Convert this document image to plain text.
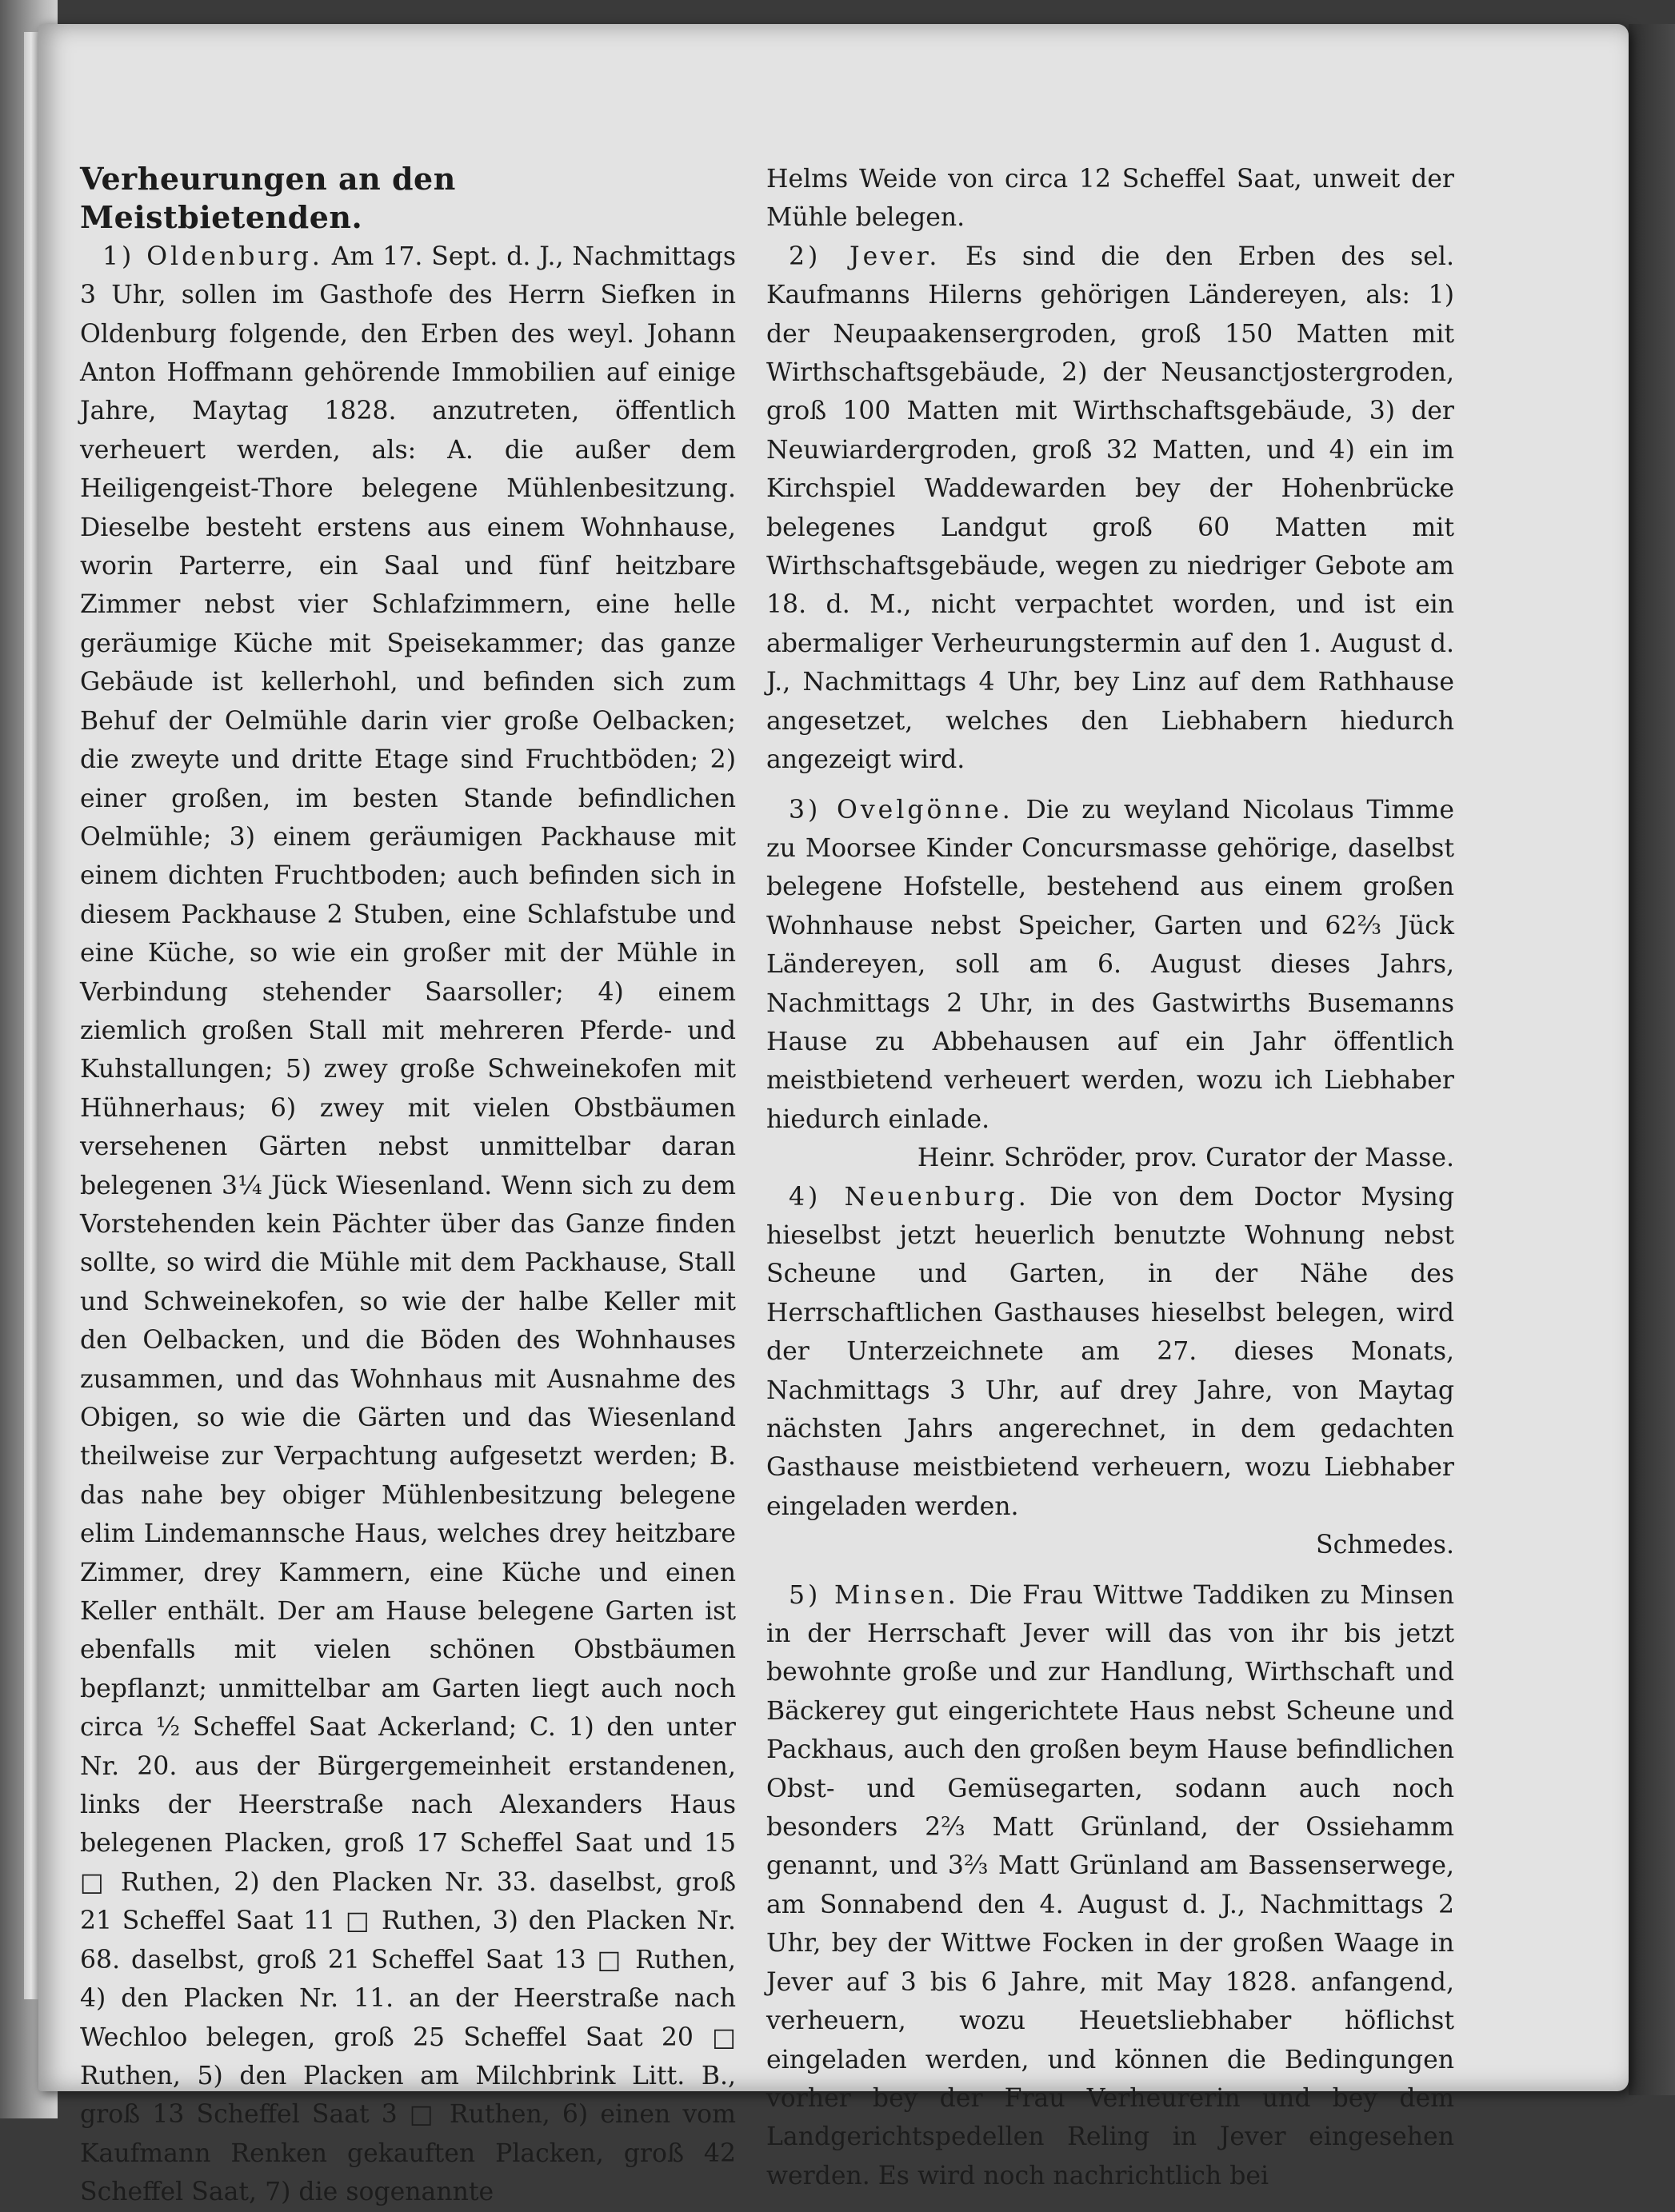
Verheurungen an den Meistbietenden.

1) Oldenburg. Am 17. Sept. d. J., Nachmittags 3 Uhr, sollen im Gasthofe des Herrn Siefken in Oldenburg folgende, den Erben des weyl. Johann Anton Hoffmann gehörende Immobilien auf einige Jahre, Maytag 1828. anzutreten, öffentlich verheuert werden, als: A. die außer dem Heiligengeist-Thore belegene Mühlenbesitzung. Dieselbe besteht erstens aus einem Wohnhause, worin Parterre, ein Saal und fünf heitzbare Zimmer nebst vier Schlafzimmern, eine helle geräumige Küche mit Speisekammer; das ganze Gebäude ist kellerhohl, und befinden sich zum Behuf der Oelmühle darin vier große Oelbacken; die zweyte und dritte Etage sind Fruchtböden; 2) einer großen, im besten Stande befindlichen Oelmühle; 3) einem geräumigen Packhause mit einem dichten Fruchtboden; auch befinden sich in diesem Packhause 2 Stuben, eine Schlafstube und eine Küche, so wie ein großer mit der Mühle in Verbindung stehender Saarsoller; 4) einem ziemlich großen Stall mit mehreren Pferde- und Kuhstallungen; 5) zwey große Schweinekofen mit Hühnerhaus; 6) zwey mit vielen Obstbäumen versehenen Gärten nebst unmittelbar daran belegenen 3¼ Jück Wiesenland. Wenn sich zu dem Vorstehenden kein Pächter über das Ganze finden sollte, so wird die Mühle mit dem Packhause, Stall und Schweinekofen, so wie der halbe Keller mit den Oelbacken, und die Böden des Wohnhauses zusammen, und das Wohnhaus mit Ausnahme des Obigen, so wie die Gärten und das Wiesenland theilweise zur Verpachtung aufgesetzt werden; B. das nahe bey obiger Mühlenbesitzung belegene elim Lindemannsche Haus, welches drey heitzbare Zimmer, drey Kammern, eine Küche und einen Keller enthält. Der am Hause belegene Garten ist ebenfalls mit vielen schönen Obstbäumen bepflanzt; unmittelbar am Garten liegt auch noch circa ½ Scheffel Saat Ackerland; C. 1) den unter Nr. 20. aus der Bürgergemeinheit erstandenen, links der Heerstraße nach Alexanders Haus belegenen Placken, groß 17 Scheffel Saat und 15 □ Ruthen, 2) den Placken Nr. 33. daselbst, groß 21 Scheffel Saat 11 □ Ruthen, 3) den Placken Nr. 68. daselbst, groß 21 Scheffel Saat 13 □ Ruthen, 4) den Placken Nr. 11. an der Heerstraße nach Wechloo belegen, groß 25 Scheffel Saat 20 □ Ruthen, 5) den Placken am Milchbrink Litt. B., groß 13 Scheffel Saat 3 □ Ruthen, 6) einen vom Kaufmann Renken gekauften Placken, groß 42 Scheffel Saat, 7) die sogenannte

Helms Weide von circa 12 Scheffel Saat, unweit der Mühle belegen.

2) Jever. Es sind die den Erben des sel. Kaufmanns Hilerns gehörigen Ländereyen, als: 1) der Neupaakensergroden, groß 150 Matten mit Wirthschaftsgebäude, 2) der Neusanctjostergroden, groß 100 Matten mit Wirthschaftsgebäude, 3) der Neuwiardergroden, groß 32 Matten, und 4) ein im Kirchspiel Waddewarden bey der Hohenbrücke belegenes Landgut groß 60 Matten mit Wirthschaftsgebäude, wegen zu niedriger Gebote am 18. d. M., nicht verpachtet worden, und ist ein abermaliger Verheurungstermin auf den 1. August d. J., Nachmittags 4 Uhr, bey Linz auf dem Rathhause angesetzet, welches den Liebhabern hiedurch angezeigt wird.

3) Ovelgönne. Die zu weyland Nicolaus Timme zu Moorsee Kinder Concursmasse gehörige, daselbst belegene Hofstelle, bestehend aus einem großen Wohnhause nebst Speicher, Garten und 62⅔ Jück Ländereyen, soll am 6. August dieses Jahrs, Nachmittags 2 Uhr, in des Gastwirths Busemanns Hause zu Abbehausen auf ein Jahr öffentlich meistbietend verheuert werden, wozu ich Liebhaber hiedurch einlade.

Heinr. Schröder, prov. Curator der Masse.

4) Neuenburg. Die von dem Doctor Mysing hieselbst jetzt heuerlich benutzte Wohnung nebst Scheune und Garten, in der Nähe des Herrschaftlichen Gasthauses hieselbst belegen, wird der Unterzeichnete am 27. dieses Monats, Nachmittags 3 Uhr, auf drey Jahre, von Maytag nächsten Jahrs angerechnet, in dem gedachten Gasthause meistbietend verheuern, wozu Liebhaber eingeladen werden.

Schmedes.

5) Minsen. Die Frau Wittwe Taddiken zu Minsen in der Herrschaft Jever will das von ihr bis jetzt bewohnte große und zur Handlung, Wirthschaft und Bäckerey gut eingerichtete Haus nebst Scheune und Packhaus, auch den großen beym Hause befindlichen Obst- und Gemüsegarten, sodann auch noch besonders 2⅔ Matt Grünland, der Ossiehamm genannt, und 3⅔ Matt Grünland am Bassenserwege, am Sonnabend den 4. August d. J., Nachmittags 2 Uhr, bey der Wittwe Focken in der großen Waage in Jever auf 3 bis 6 Jahre, mit May 1828. anfangend, verheuern, wozu Heuetsliebhaber höflichst eingeladen werden, und können die Bedingungen vorher bey der Frau Verheurerin und bey dem Landgerichtspedellen Reling in Jever eingesehen werden. Es wird noch nachrichtlich bei
